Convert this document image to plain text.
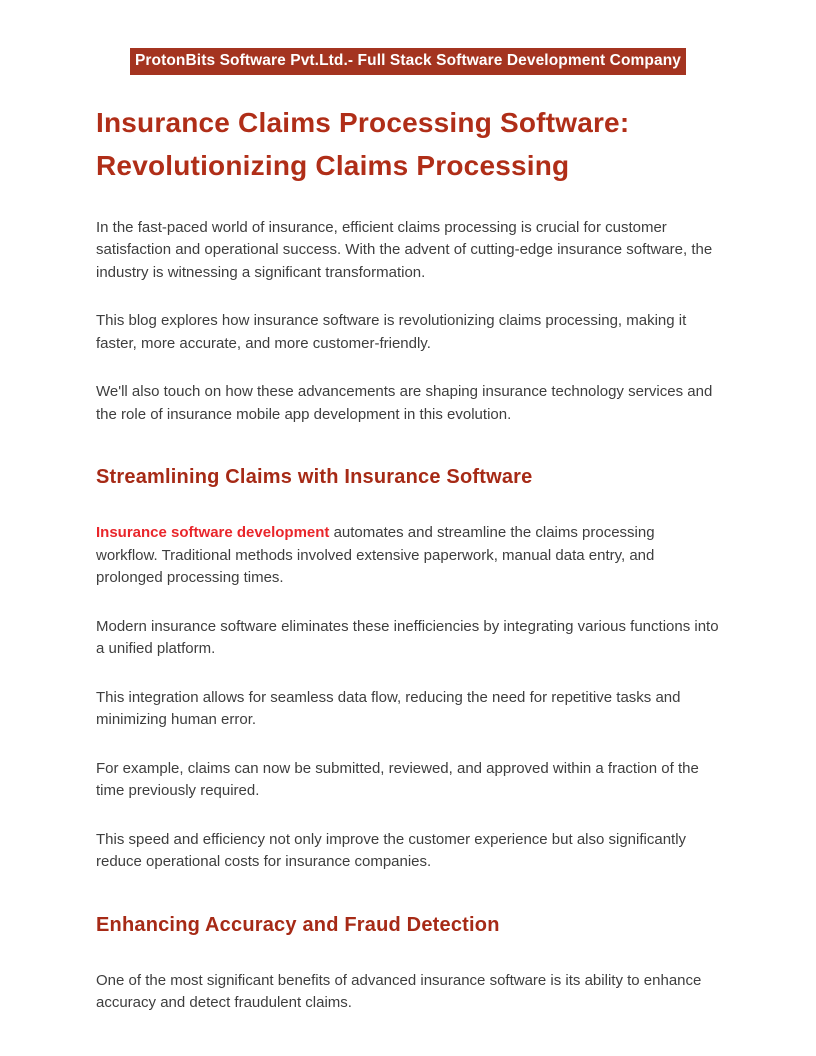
ProtonBits Software Pvt.Ltd.- Full Stack Software Development Company
Insurance Claims Processing Software: Revolutionizing Claims Processing

In the fast-paced world of insurance, efficient claims processing is crucial for customer satisfaction and operational success. With the advent of cutting-edge insurance software, the industry is witnessing a significant transformation.

This blog explores how insurance software is revolutionizing claims processing, making it faster, more accurate, and more customer-friendly.

We'll also touch on how these advancements are shaping insurance technology services and the role of insurance mobile app development in this evolution.

Streamlining Claims with Insurance Software

Insurance software development automates and streamline the claims processing workflow. Traditional methods involved extensive paperwork, manual data entry, and prolonged processing times.

Modern insurance software eliminates these inefficiencies by integrating various functions into a unified platform.

This integration allows for seamless data flow, reducing the need for repetitive tasks and minimizing human error.

For example, claims can now be submitted, reviewed, and approved within a fraction of the time previously required.

This speed and efficiency not only improve the customer experience but also significantly reduce operational costs for insurance companies.

Enhancing Accuracy and Fraud Detection

One of the most significant benefits of advanced insurance software is its ability to enhance accuracy and detect fraudulent claims.
